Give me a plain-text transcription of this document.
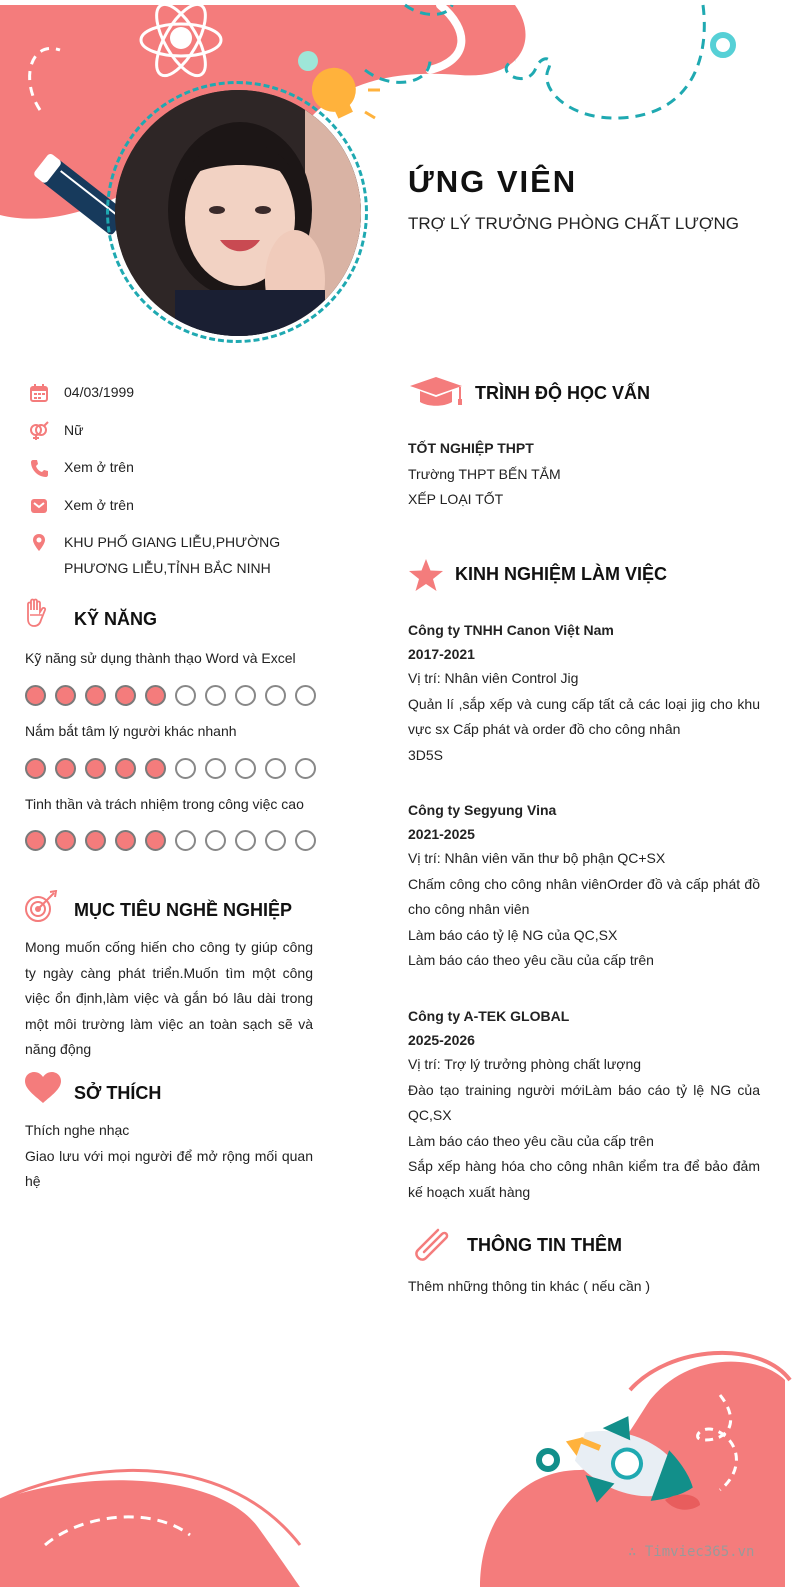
ỨNG VIÊN
TRỢ LÝ TRƯỞNG PHÒNG CHẤT LƯỢNG
04/03/1999
Nữ
Xem ở trên
Xem ở trên
KHU PHỐ GIANG LIỄU,PHƯỜNG PHƯƠNG LIỄU,TỈNH BẮC NINH
KỸ NĂNG
Kỹ năng sử dụng thành thạo Word và Excel
Nắm bắt tâm lý người khác nhanh
Tinh thần và trách nhiệm trong công việc cao
MỤC TIÊU NGHỀ NGHIỆP
Mong muốn cống hiến cho công ty giúp công ty ngày càng phát triển.Muốn tìm một công việc ổn định,làm việc và gắn bó lâu dài trong một môi trường làm việc an toàn sạch sẽ và năng động
SỞ THÍCH
Thích nghe nhạc
Giao lưu với mọi người để mở rộng mối quan hệ
TRÌNH ĐỘ HỌC VẤN
TỐT NGHIỆP THPT
Trường THPT BẾN TẮM
XẾP LOẠI TỐT
KINH NGHIỆM LÀM VIỆC
Công ty TNHH Canon Việt Nam
2017-2021
Vị trí: Nhân viên Control Jig
Quản lí ,sắp xếp và cung cấp tất cả các loại jig cho khu vực sx Cấp phát và order đồ cho công nhân
3D5S
Công ty Segyung Vina
2021-2025
Vị trí: Nhân viên văn thư bộ phận QC+SX
Chấm công cho công nhân viênOrder đồ và cấp phát đồ cho công nhân viên
Làm báo cáo tỷ lệ NG của QC,SX
Làm báo cáo theo yêu cầu của cấp trên
Công ty A-TEK GLOBAL
2025-2026
Vị trí: Trợ lý trưởng phòng chất lượng
Đào tạo training người mớiLàm báo cáo tỷ lệ NG của QC,SX
Làm báo cáo theo yêu cầu của cấp trên
Sắp xếp hàng hóa cho công nhân kiểm tra để bảo đảm kế hoạch xuất hàng
THÔNG TIN THÊM
Thêm những thông tin khác ( nếu cần )
∴ Timviec365.vn
